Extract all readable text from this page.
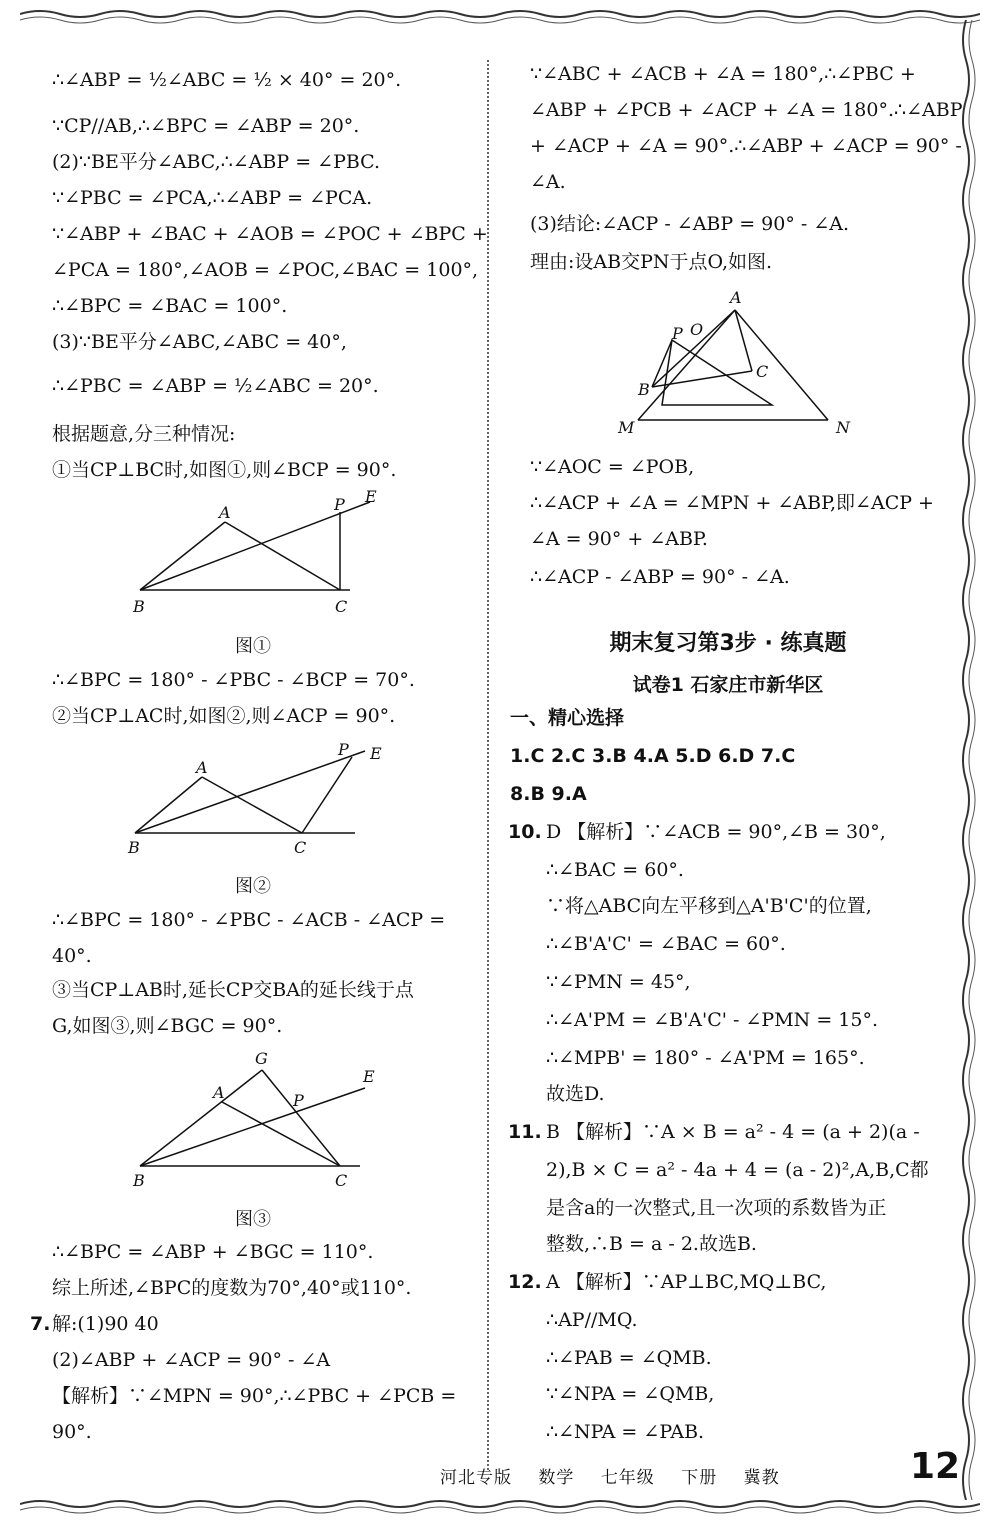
∴∠ABP = ½∠ABC = ½ × 40° = 20°.
∵CP//AB,∴∠BPC = ∠ABP = 20°.
(2)∵BE平分∠ABC,∴∠ABP = ∠PBC.
∵∠PBC = ∠PCA,∴∠ABP = ∠PCA.
∵∠ABP + ∠BAC + ∠AOB = ∠POC + ∠BPC +
∠PCA = 180°,∠AOB = ∠POC,∠BAC = 100°,
∴∠BPC = ∠BAC = 100°.
(3)∵BE平分∠ABC,∠ABC = 40°,
∴∠PBC = ∠ABP = ½∠ABC = 20°.
根据题意,分三种情况:
①当CP⊥BC时,如图①,则∠BCP = 90°.
A
B	C
P E
图①
∴∠BPC = 180° - ∠PBC - ∠BCP = 70°.
②当CP⊥AC时,如图②,则∠ACP = 90°.
A
B	C
P E
图②
∴∠BPC = 180° - ∠PBC - ∠ACB - ∠ACP =
40°.
③当CP⊥AB时,延长CP交BA的延长线于点
G,如图③,则∠BGC = 90°.
A
B	C
P
E
G
图③
∴∠BPC = ∠ABP + ∠BGC = 110°.
综上所述,∠BPC的度数为70°,40°或110°.
7. 解:(1)90 40
(2)∠ABP + ∠ACP = 90° - ∠A
【解析】∵∠MPN = 90°,∴∠PBC + ∠PCB =
90°.
∵∠ABC + ∠ACB + ∠A = 180°,∴∠PBC +
∠ABP + ∠PCB + ∠ACP + ∠A = 180°.∴∠ABP
+ ∠ACP + ∠A = 90°.∴∠ABP + ∠ACP = 90° -
∠A.
(3)结论:∠ACP - ∠ABP = 90° - ∠A.
理由:设AB交PN于点O,如图.
A
B
C
P O
M	N
∵∠AOC = ∠POB,
∴∠ACP + ∠A = ∠MPN + ∠ABP,即∠ACP +
∠A = 90° + ∠ABP.
∴∠ACP - ∠ABP = 90° - ∠A.
期末复习第3步 · 练真题
试卷1 石家庄市新华区
一、精心选择
1.C 2.C 3.B 4.A 5.D 6.D 7.C
8.B 9.A
10. D 【解析】∵∠ACB = 90°,∠B = 30°,
∴∠BAC = 60°.
∵将△ABC向左平移到△A'B'C'的位置,
∴∠B'A'C' = ∠BAC = 60°.
∵∠PMN = 45°,
∴∠A'PM = ∠B'A'C' - ∠PMN = 15°.
∴∠MPB' = 180° - ∠A'PM = 165°.
故选D.
11. B 【解析】∵A × B = a² - 4 = (a + 2)(a -
2),B × C = a² - 4a + 4 = (a - 2)²,A,B,C都
是含a的一次整式,且一次项的系数皆为正
整数,∴B = a - 2.故选B.
12. A 【解析】∵AP⊥BC,MQ⊥BC,
∴AP//MQ.
∴∠PAB = ∠QMB.
∵∠NPA = ∠QMB,
∴∠NPA = ∠PAB.
河北专版 数学 七年级 下册 冀教	12
